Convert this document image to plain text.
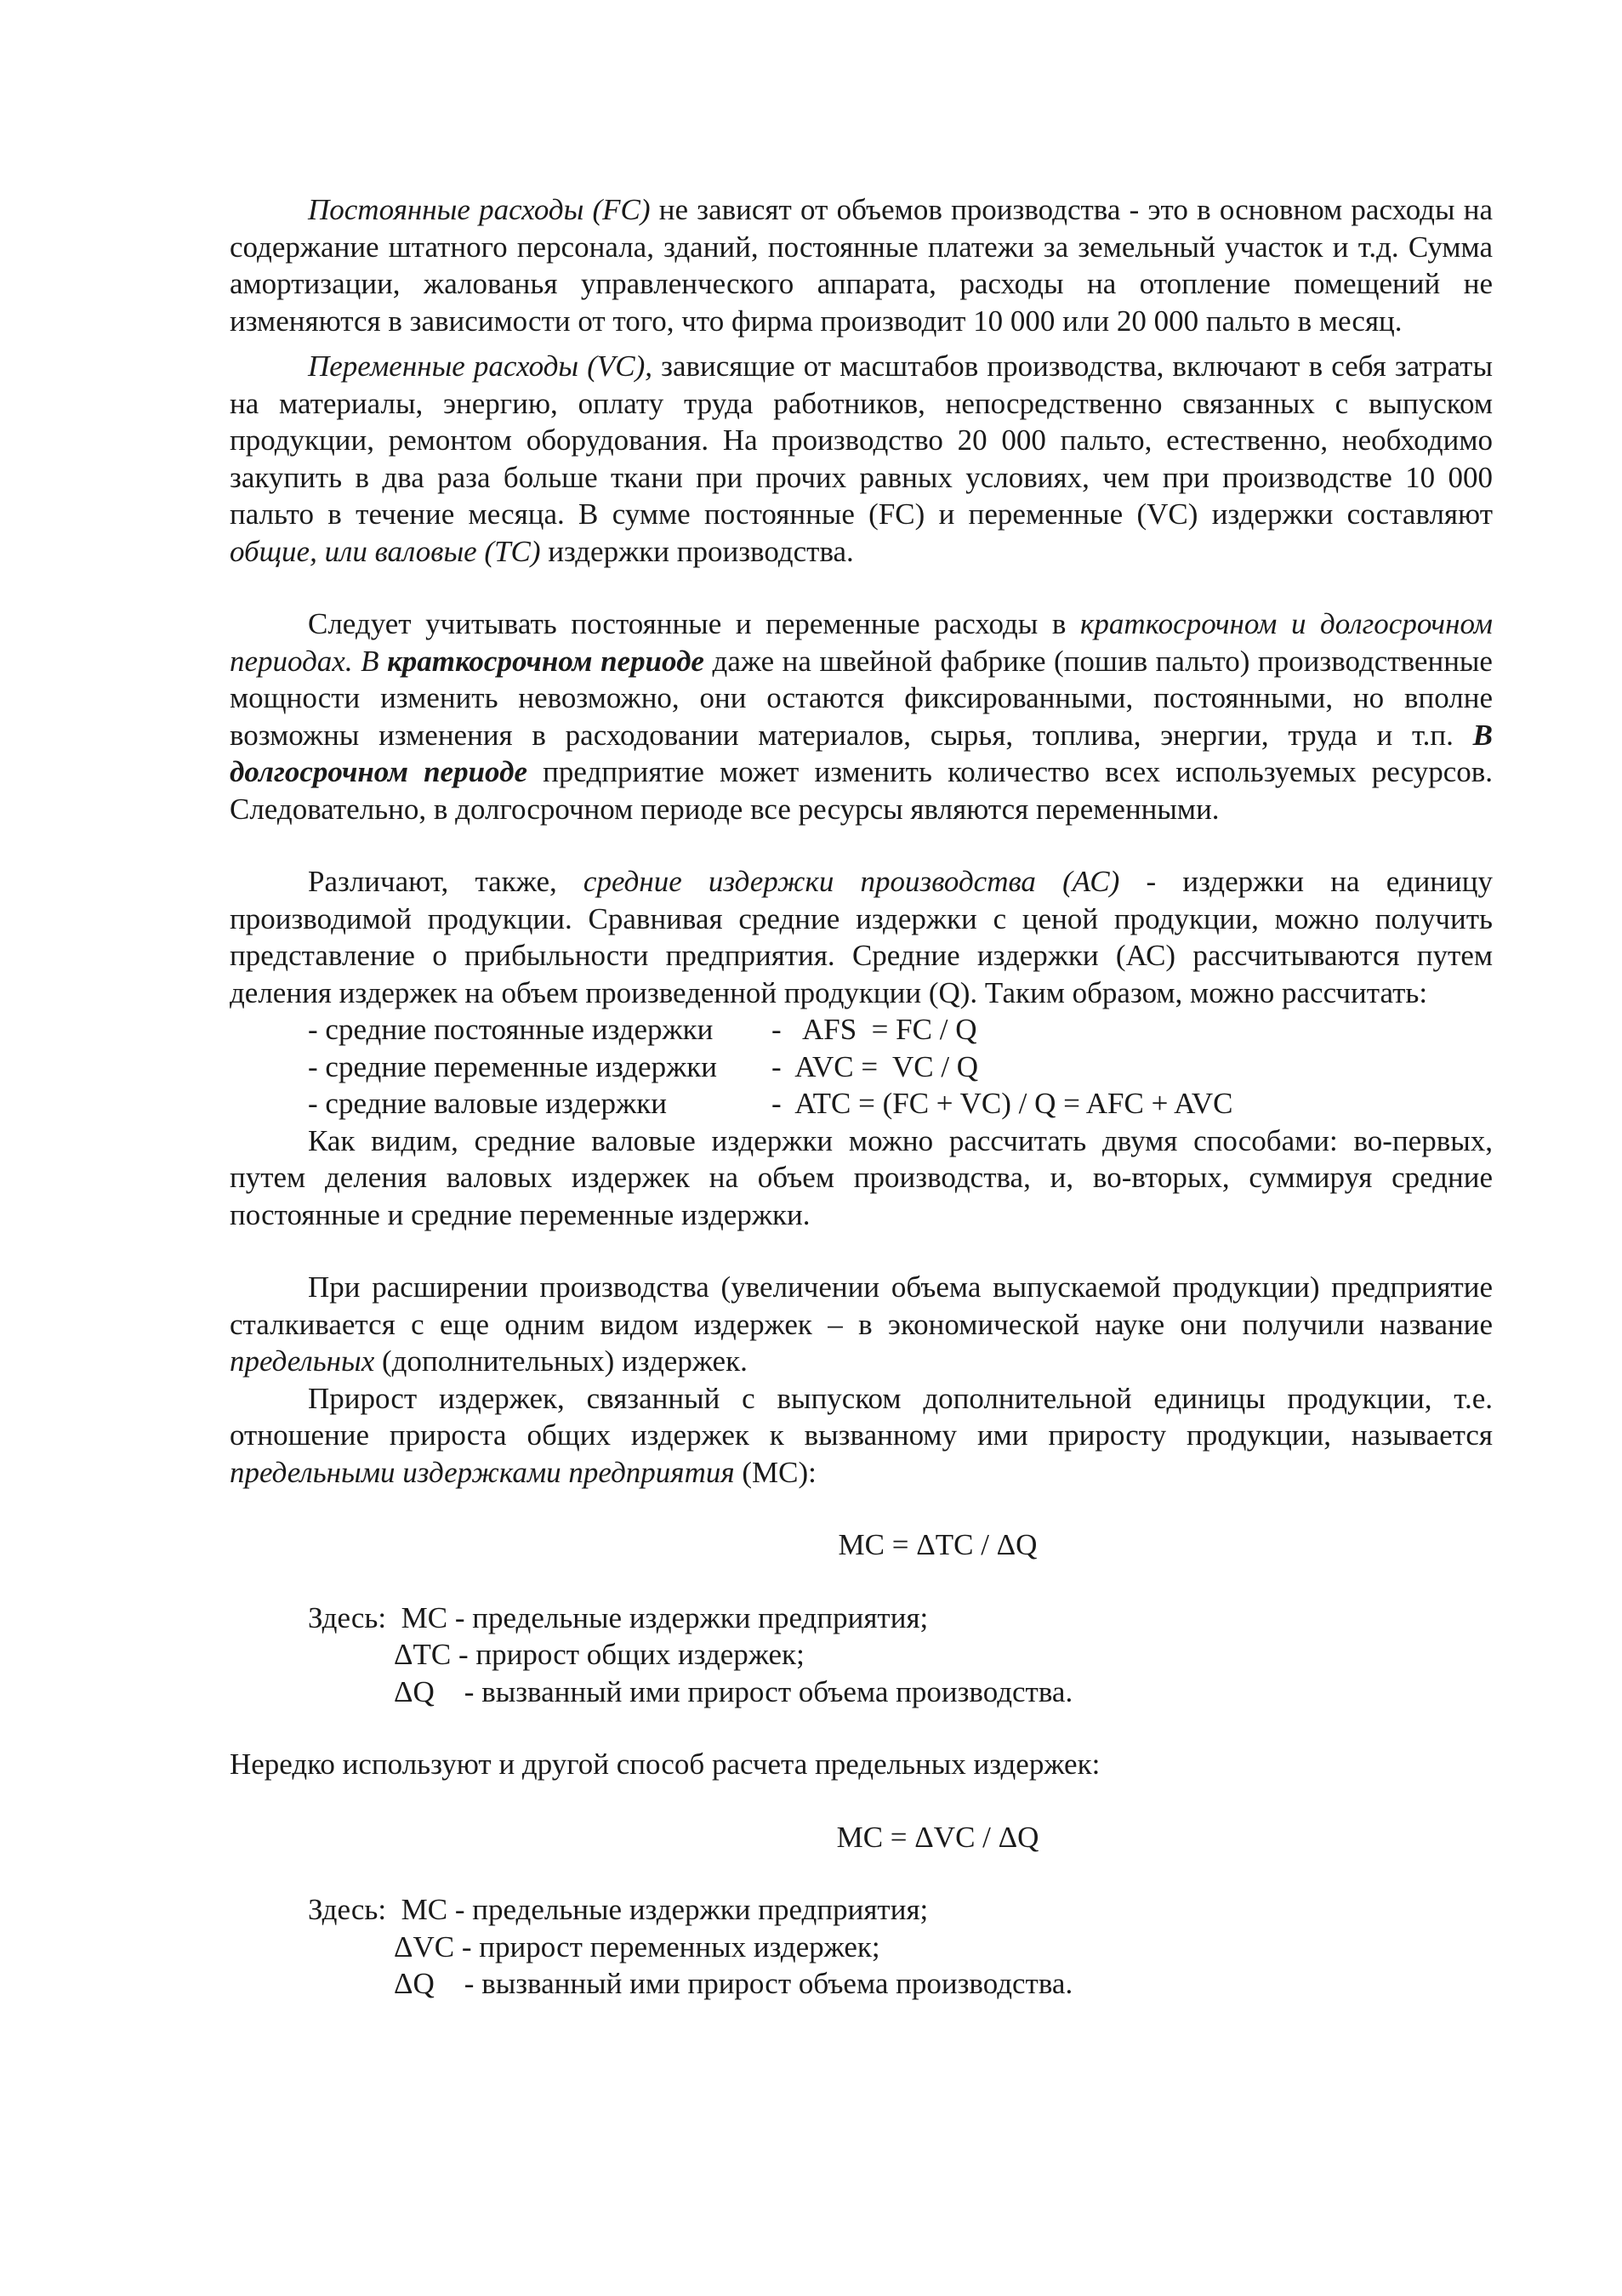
Постоянные расходы (FC) не зависят от объемов производства - это в основном расходы на содержание штатного персонала, зданий, постоянные платежи за земельный участок и т.д. Сумма амортизации, жалованья управленческого аппарата, расходы на отопление помещений не изменяются в зависимости от того, что фирма производит 10 000 или 20 000 пальто в месяц.

Переменные расходы (VC), зависящие от масштабов производства, включают в себя затраты на материалы, энергию, оплату труда работников, непосредственно связанных с выпуском продукции, ремонтом оборудования. На производство 20 000 пальто, естественно, необходимо закупить в два раза больше ткани при прочих равных условиях, чем при производстве 10 000 пальто в течение месяца. В сумме постоянные (FC) и переменные (VC) издержки составляют общие, или валовые (ТС) издержки производства.

Следует учитывать постоянные и переменные расходы в краткосрочном и долгосрочном периодах. В краткосрочном периоде даже на швейной фабрике (пошив пальто) производственные мощности изменить невозможно, они остаются фиксированными, постоянными, но вполне возможны изменения в расходовании материалов, сырья, топлива, энергии, труда и т.п. В долгосрочном периоде предприятие может изменить количество всех используемых ресурсов. Следовательно, в долгосрочном периоде все ресурсы являются переменными.

Различают, также, средние издержки производства (АС) - издержки на единицу производимой продукции. Сравнивая средние издержки с ценой продукции, можно получить представление о прибыльности предприятия. Средние издержки (АС) рассчитываются путем деления издержек на объем произведенной продукции (Q). Таким образом, можно рассчитать:

- средние постоянные издержки	-   AFS  = FC / Q
- средние переменные издержки	-  AVC =  VC / Q
- средние валовые издержки	-  ATC = (FC + VC) / Q = AFC + AVC

Как видим, средние валовые издержки можно рассчитать двумя способами: во-первых, путем деления валовых издержек на объем производства, и, во-вторых, суммируя средние постоянные и средние переменные издержки.

При расширении производства (увеличении объема выпускаемой продукции) предприятие сталкивается с еще одним видом издержек – в экономической науке они получили название предельных (дополнительных) издержек.

Прирост издержек, связанный с выпуском дополнительной единицы продукции, т.е. отношение прироста общих издержек к вызванному ими приросту продукции, называется предельными издержками предприятия (МС):

MC = ΔTC / ΔQ

Здесь:  МС - предельные издержки предприятия;
ΔТС - прирост общих издержек;
ΔQ    - вызванный ими прирост объема производства.

Нередко используют и другой способ расчета предельных издержек:

MC = ΔVC / ΔQ

Здесь:  МС - предельные издержки предприятия;
ΔVC - прирост переменных издержек;
ΔQ    - вызванный ими прирост объема производства.
